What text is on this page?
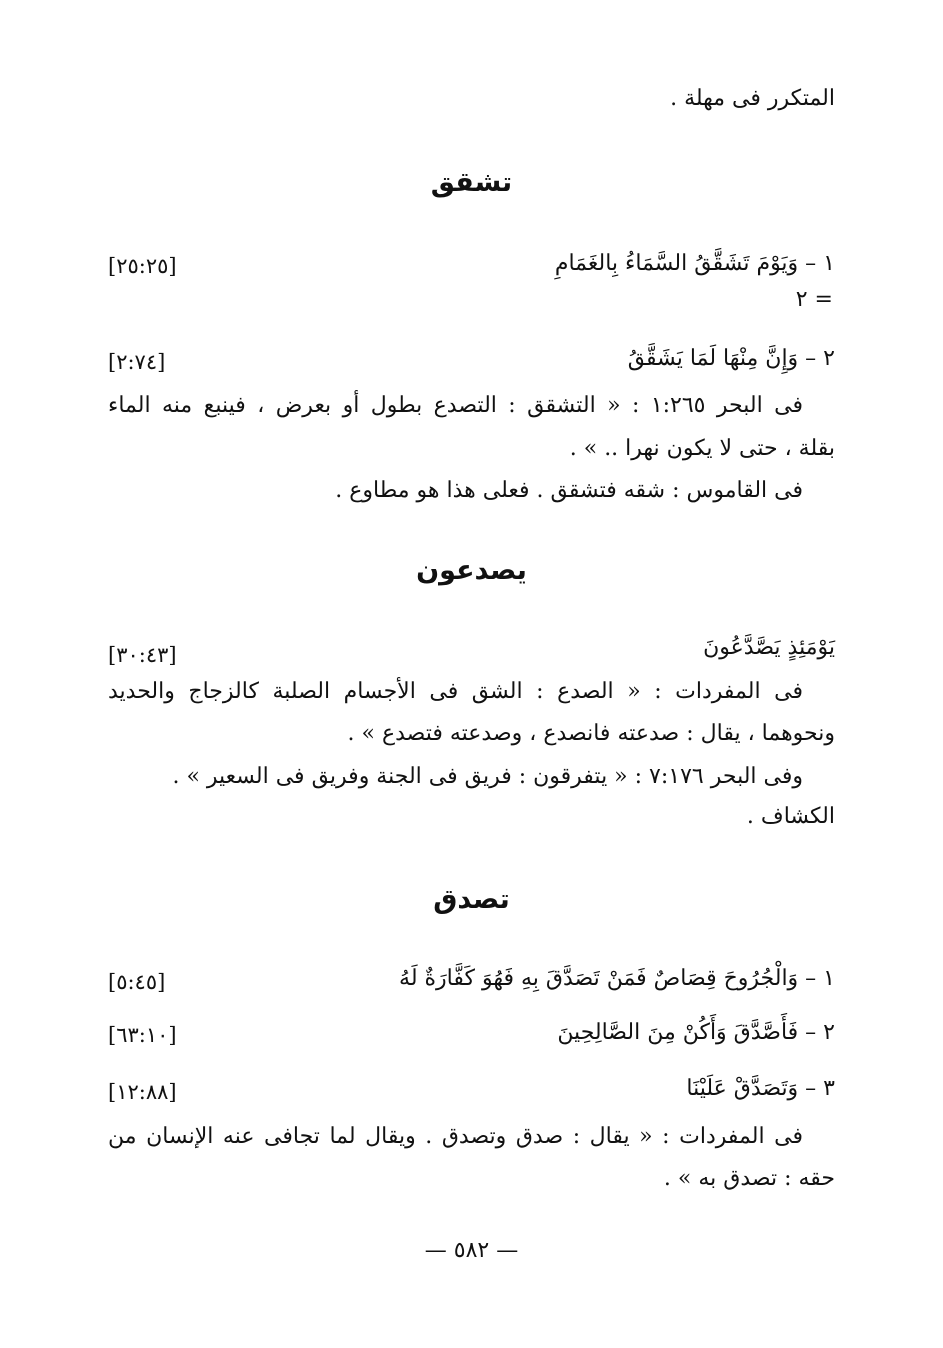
المتكرر فى مهلة .
تشقق
١ – وَيَوْمَ تَشَقَّقُ السَّمَاءُ بِالغَمَامِ
[٢٥:٢٥]
٢ =
٢ – وَإِنَّ مِنْهَا لَمَا يَشَقَّقُ
[٢:٧٤]
فى البحر ١:٢٦٥ : « التشقق : التصدع بطول أو بعرض ، فينبع منه الماء
بقلة ، حتى لا يكون نهرا .. » .
فى القاموس : شقه فتشقق . فعلى هذا هو مطاوع .
يصدعون
يَوْمَئِذٍ يَصَّدَّعُونَ
[٣٠:٤٣]
فى المفردات : « الصدع : الشق فى الأجسام الصلبة كالزجاج والحديد
ونحوهما ، يقال : صدعته فانصدع ، وصدعته فتصدع » .
وفى البحر ٧:١٧٦ : « يتفرقون : فريق فى الجنة وفريق فى السعير » .
الكشاف .
تصدق
١ – وَالْجُرُوحَ قِصَاصٌ فَمَنْ تَصَدَّقَ بِهِ فَهُوَ كَفَّارَةٌ لَهُ
[٥:٤٥]
٢ – فَأَصَّدَّقَ وَأَكُنْ مِنَ الصَّالِحِينَ
[٦٣:١٠]
٣ – وَتَصَدَّقْ عَلَيْنَا
[١٢:٨٨]
فى المفردات : « يقال : صدق وتصدق . ويقال لما تجافى عنه الإنسان من
حقه : تصدق به » .
— ٥٨٢ —
